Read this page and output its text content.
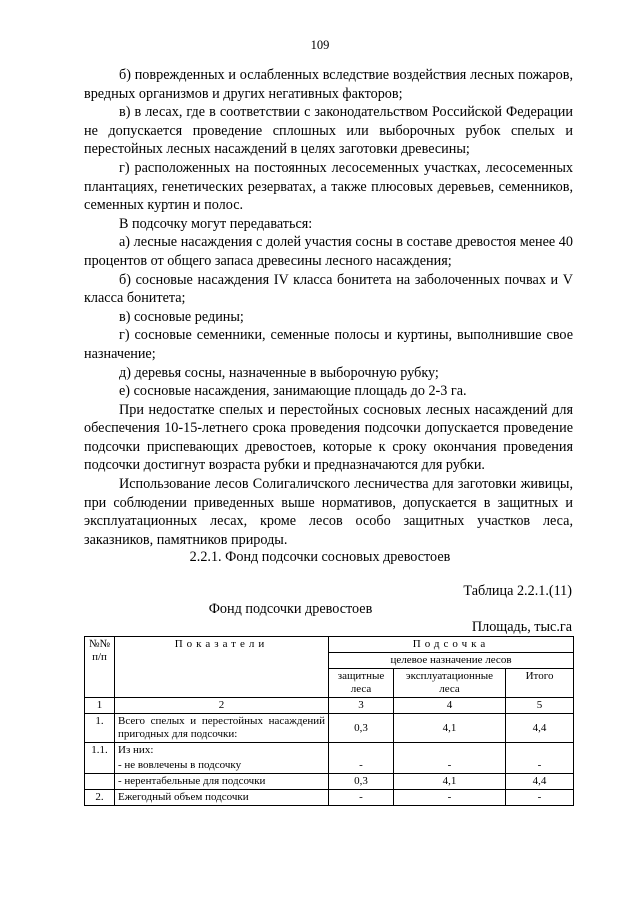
109

б) поврежденных и ослабленных вследствие воздействия лесных пожаров, вредных организмов и других негативных факторов;

в) в лесах, где в соответствии с законодательством Российской Федерации не допускается проведение сплошных или выборочных рубок спелых и перестойных лесных насаждений в целях заготовки древесины;

г) расположенных на постоянных лесосеменных участках, лесосеменных плантациях, генетических резерватах, а также плюсовых деревьев, семенников, семенных куртин и полос.

В подсочку могут передаваться:

а) лесные насаждения с долей участия сосны в составе древостоя менее 40 процентов от общего запаса древесины лесного насаждения;

б) сосновые насаждения IV класса бонитета на заболоченных почвах и V класса бонитета;

в) сосновые редины;

г) сосновые семенники, семенные полосы и куртины, выполнившие свое назначение;

д) деревья сосны, назначенные в выборочную рубку;

е) сосновые насаждения, занимающие площадь до 2-3 га.

При недостатке спелых и перестойных сосновых лесных насаждений для обеспечения 10-15-летнего срока проведения подсочки допускается проведение подсочки приспевающих древостоев, которые к сроку окончания проведения подсочки достигнут возраста рубки и предназначаются для рубки.

Использование лесов Солигаличского лесничества для заготовки живицы, при соблюдении приведенных выше нормативов, допускается в защитных и эксплуатационных лесах, кроме лесов особо защитных участков леса, заказников, памятников природы.

2.2.1. Фонд подсочки сосновых древостоев
Таблица 2.2.1.(11)
Фонд подсочки древостоев
Площадь, тыс.га
№№ п/п	Показатели	Подсочка		
		целевое назначение лесов		
		защитные леса	эксплуатационные леса	Итого
1	2	3	4	5
1.	Всего спелых и перестойных насаждений пригодных для подсочки:	0,3	4,1	4,4
1.1.	Из них:			
	- не вовлечены в подсочку	-	-	-
	- нерентабельные для подсочки	0,3	4,1	4,4
2.	Ежегодный объем подсочки	-	-	-
